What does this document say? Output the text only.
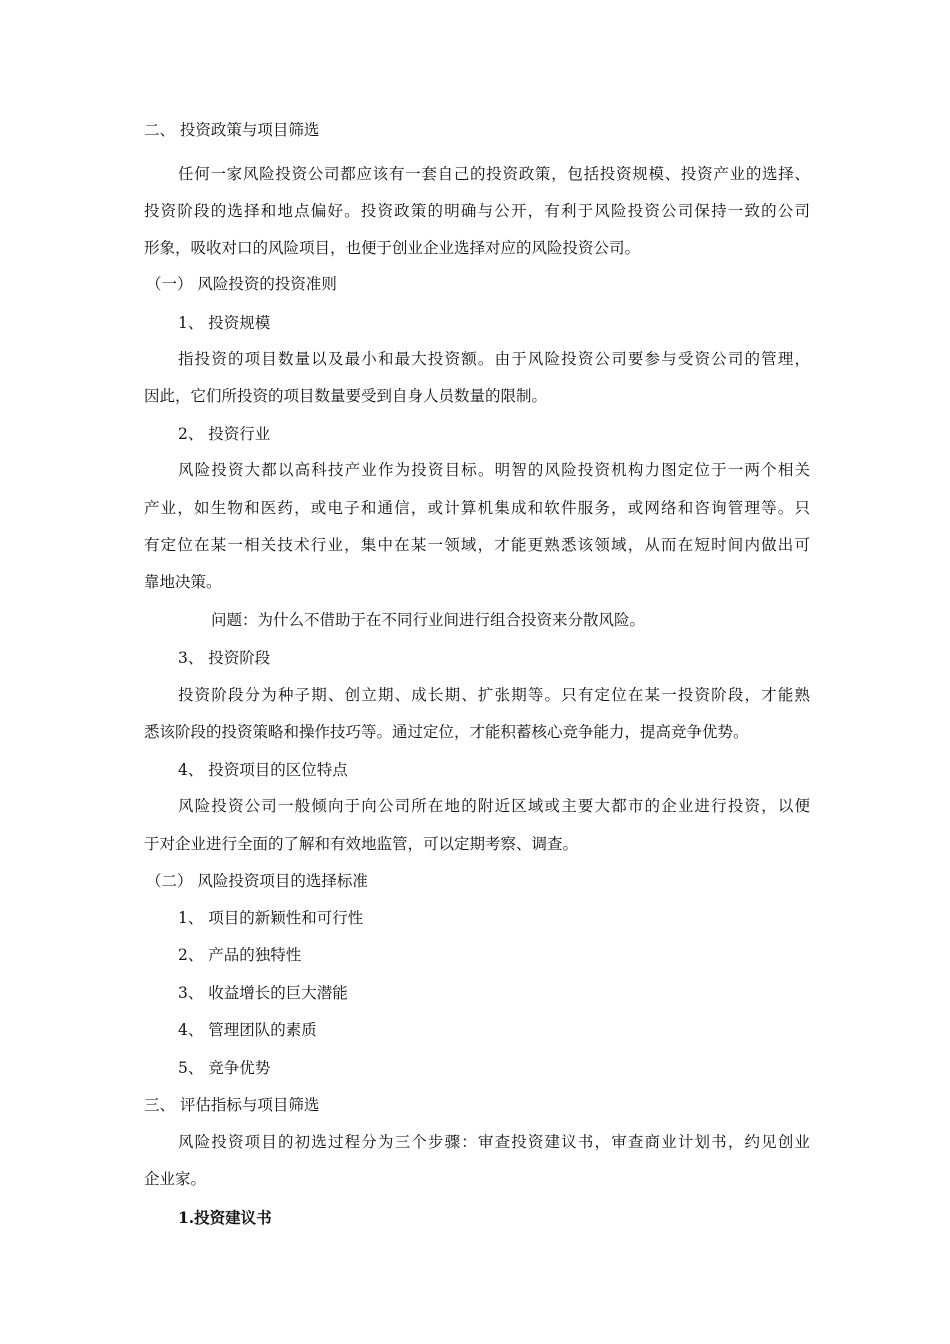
二、 投资政策与项目筛选
任何一家风险投资公司都应该有一套自己的投资政策，包括投资规模、投资产业的选择、
投资阶段的选择和地点偏好。投资政策的明确与公开，有利于风险投资公司保持一致的公司
形象，吸收对口的风险项目，也便于创业企业选择对应的风险投资公司。
（一） 风险投资的投资准则
1、 投资规模
指投资的项目数量以及最小和最大投资额。由于风险投资公司要参与受资公司的管理，
因此，它们所投资的项目数量要受到自身人员数量的限制。
2、 投资行业
风险投资大都以高科技产业作为投资目标。明智的风险投资机构力图定位于一两个相关
产业，如生物和医药，或电子和通信，或计算机集成和软件服务，或网络和咨询管理等。只
有定位在某一相关技术行业，集中在某一领域，才能更熟悉该领域，从而在短时间内做出可
靠地决策。
问题：为什么不借助于在不同行业间进行组合投资来分散风险。
3、 投资阶段
投资阶段分为种子期、创立期、成长期、扩张期等。只有定位在某一投资阶段，才能熟
悉该阶段的投资策略和操作技巧等。通过定位，才能积蓄核心竞争能力，提高竞争优势。
4、 投资项目的区位特点
风险投资公司一般倾向于向公司所在地的附近区域或主要大都市的企业进行投资，以便
于对企业进行全面的了解和有效地监管，可以定期考察、调查。
（二） 风险投资项目的选择标准
1、 项目的新颖性和可行性
2、 产品的独特性
3、 收益增长的巨大潜能
4、 管理团队的素质
5、 竞争优势
三、 评估指标与项目筛选
风险投资项目的初选过程分为三个步骤：审查投资建议书，审查商业计划书，约见创业
企业家。
1.投资建议书
